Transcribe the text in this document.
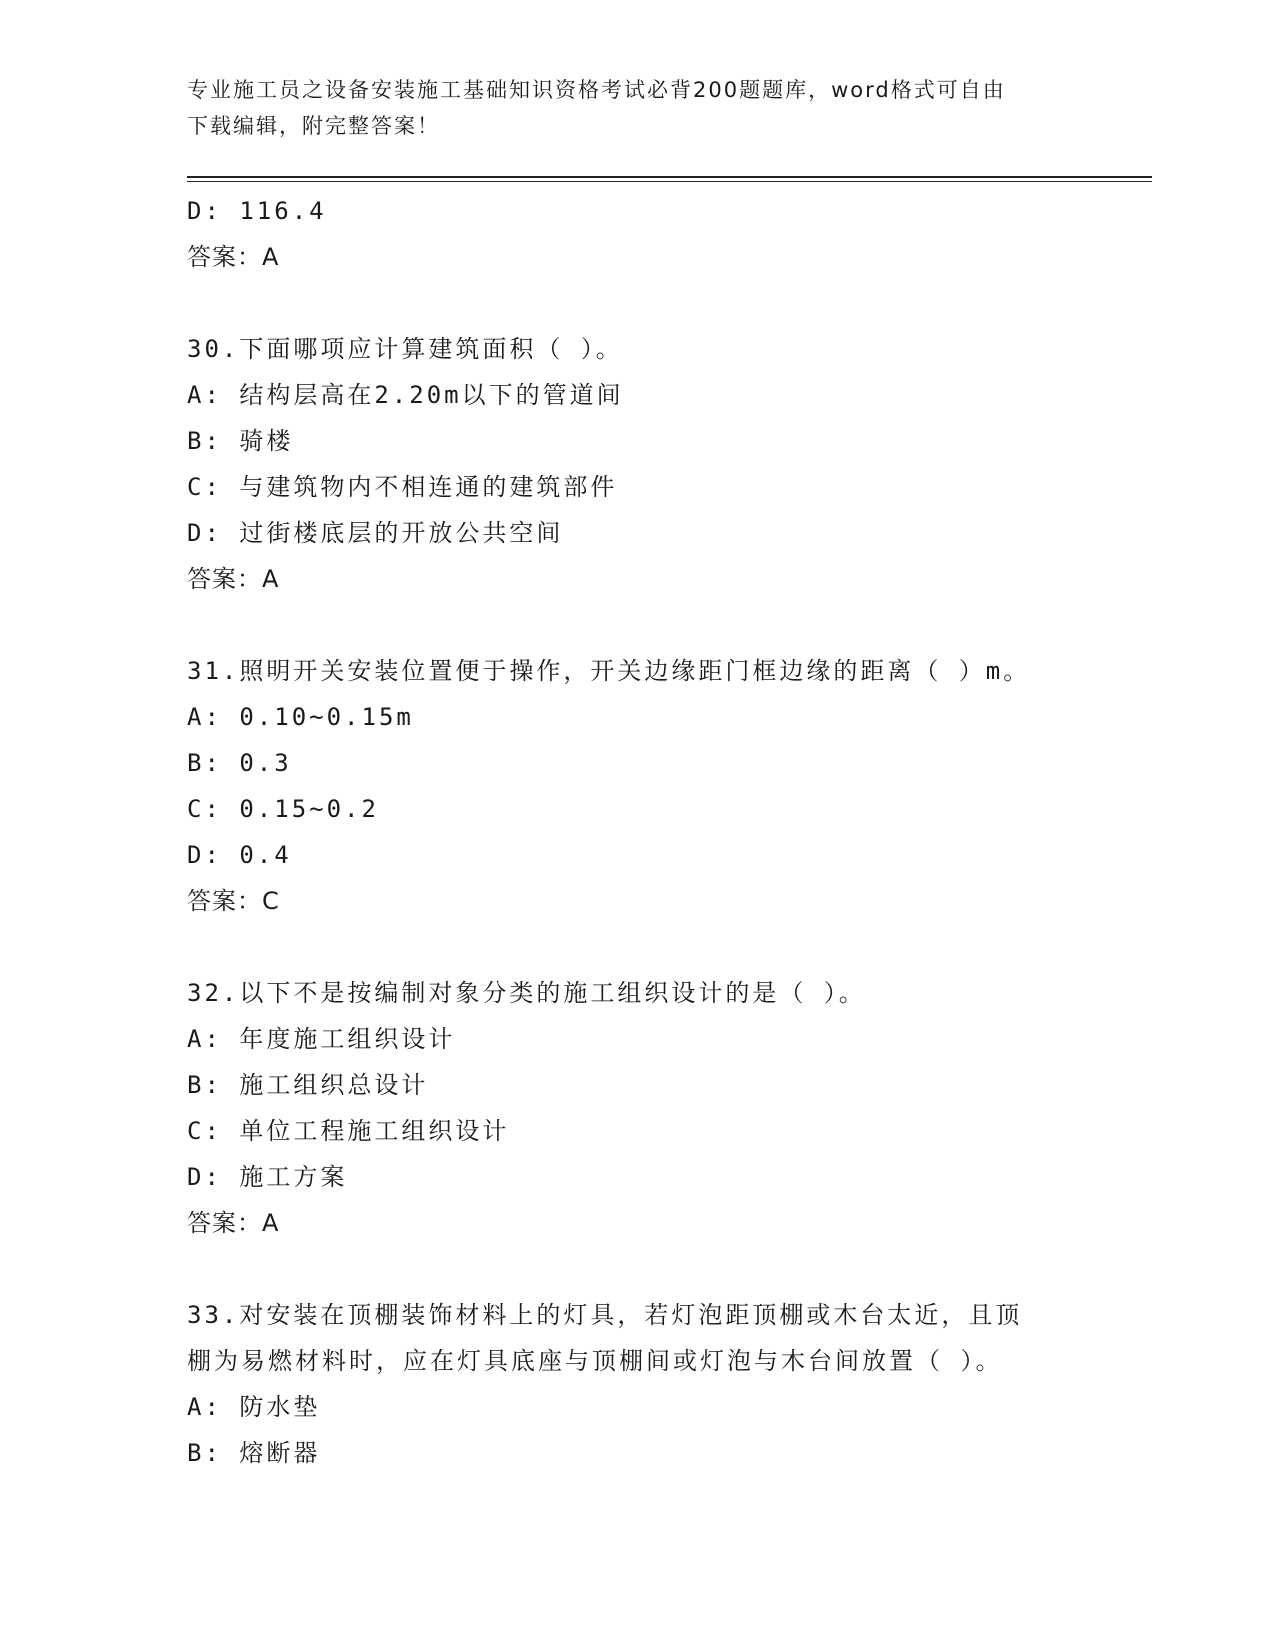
专业施工员之设备安装施工基础知识资格考试必背200题题库，word格式可自由
下载编辑，附完整答案！
D: 116.4
答案：A
30.下面哪项应计算建筑面积（ ）。
A: 结构层高在2.20m以下的管道间
B: 骑楼
C: 与建筑物内不相连通的建筑部件
D: 过街楼底层的开放公共空间
答案：A
31.照明开关安装位置便于操作，开关边缘距门框边缘的距离（ ）m。
A: 0.10~0.15m
B: 0.3
C: 0.15~0.2
D: 0.4
答案：C
32.以下不是按编制对象分类的施工组织设计的是（ ）。
A: 年度施工组织设计
B: 施工组织总设计
C: 单位工程施工组织设计
D: 施工方案
答案：A
33.对安装在顶棚装饰材料上的灯具，若灯泡距顶棚或木台太近，且顶
棚为易燃材料时，应在灯具底座与顶棚间或灯泡与木台间放置（ ）。
A: 防水垫
B: 熔断器
